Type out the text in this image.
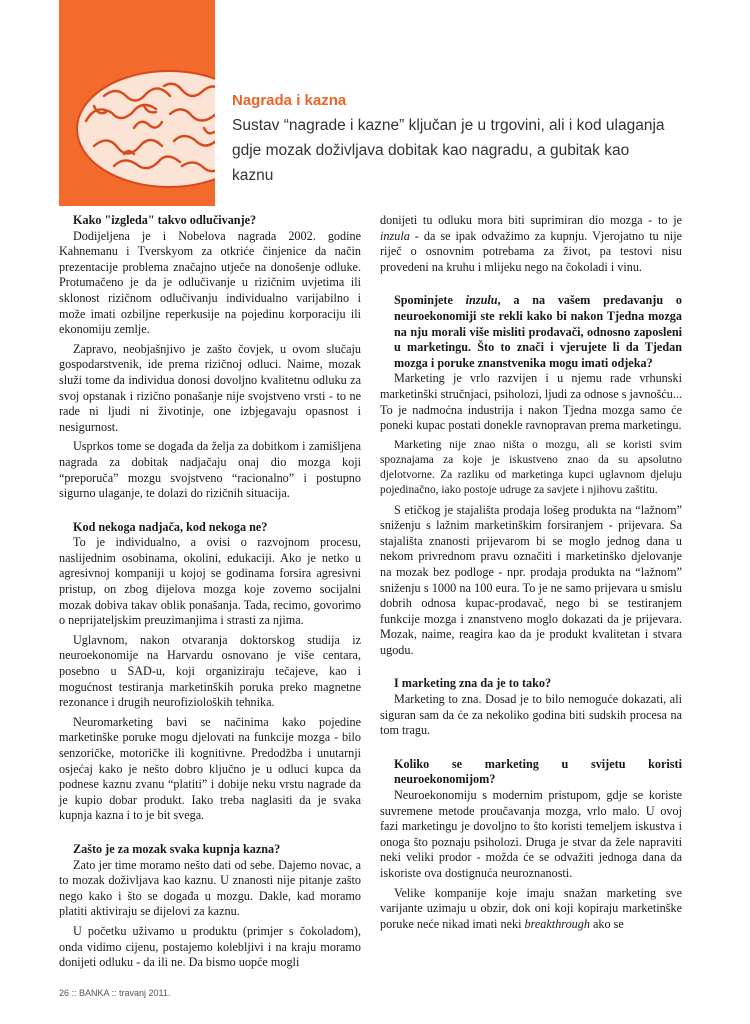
Nagrada i kazna

Sustav “nagrade i kazne” ključan je u trgovini, ali i kod ulaganja gdje mozak doživljava dobitak kao nagradu, a gubitak kao kaznu

Kako "izgleda" takvo odlučivanje?

Dodijeljena je i Nobelova nagrada 2002. godine Kahnemanu i Tverskyom za otkriće činjenice da način prezentacije problema značajno utječe na donošenje odluke. Protumačeno je da je odlučivanje u rizičnim uvjetima ili sklonost rizičnom odlučivanju individualno varijabilno i može imati ozbiljne reperkusije na pojedinu korporaciju ili ekonomiju zemlje.

Zapravo, neobjašnjivo je zašto čovjek, u ovom slučaju gospodarstvenik, ide prema rizičnoj odluci. Naime, mozak služi tome da individua donosi dovoljno kvalitetnu odluku za svoj opstanak i rizično ponašanje nije svojstveno vrsti - to ne rade ni ljudi ni životinje, one izbjegavaju opasnost i nesigurnost.

Usprkos tome se događa da želja za dobitkom i zamišljena nagrada za dobitak nadjačaju onaj dio mozga koji “preporuča” mozgu svojstveno “racionalno” i postupno sigurno ulaganje, te dolazi do rizičnih situacija.

Kod nekoga nadjača, kod nekoga ne?

To je individualno, a ovisi o razvojnom procesu, naslijednim osobinama, okolini, edukaciji. Ako je netko u agresivnoj kompaniji u kojoj se godinama forsira agresivni pristup, on zbog dijelova mozga koje zovemo socijalni mozak dobiva takav oblik ponašanja. Tada, recimo, govorimo o neprijateljskim preuzimanjima i strasti za njima.

Uglavnom, nakon otvaranja doktorskog studija iz neuroekonomije na Harvardu osnovano je više centara, posebno u SAD-u, koji organiziraju tečajeve, kao i mogućnost testiranja marketinških poruka preko magnetne rezonance i drugih neurofizioloških tehnika.

Neuromarketing bavi se načinima kako pojedine marketinške poruke mogu djelovati na funkcije mozga - bilo senzoričke, motoričke ili kognitivne. Predodžba i unutarnji osjećaj kako je nešto dobro ključno je u odluci kupca da podnese kaznu zvanu “platiti” i dobije neku vrstu nagrade da je kupio dobar produkt. Iako treba naglasiti da je svaka kupnja kazna i to je bit svega.

Zašto je za mozak svaka kupnja kazna?

Zato jer time moramo nešto dati od sebe. Dajemo novac, a to mozak doživljava kao kaznu. U znanosti nije pitanje zašto nego kako i što se događa u mozgu. Dakle, kad moramo platiti aktiviraju se dijelovi za kaznu.

U početku uživamo u produktu (primjer s čokoladom), onda vidimo cijenu, postajemo kolebljivi i na kraju moramo donijeti odluku - da ili ne. Da bismo uopće mogli

donijeti tu odluku mora biti suprimiran dio mozga - to je inzula - da se ipak odvažimo za kupnju. Vjerojatno tu nije riječ o osnovnim potrebama za život, pa testovi nisu provedeni na kruhu i mlijeku nego na čokoladi i vinu.

Spominjete inzulu, a na vašem predavanju o neuroekonomiji ste rekli kako bi nakon Tjedna mozga na nju morali više misliti prodavači, odnosno zaposleni u marketingu. Što to znači i vjerujete li da Tjedan mozga i poruke znanstvenika mogu imati odjeka?

Marketing je vrlo razvijen i u njemu rade vrhunski marketinški stručnjaci, psiholozi, ljudi za odnose s javnošću... To je nadmoćna industrija i nakon Tjedna mozga samo će poneki kupac postati donekle ravnopravan prema marketingu.

Marketing nije znao ništa o mozgu, ali se koristi svim spoznajama za koje je iskustveno znao da su apsolutno djelotvorne. Za razliku od marketinga kupci uglavnom djeluju pojedinačno, iako postoje udruge za savjete i njihovu zaštitu.

S etičkog je stajališta prodaja lošeg produkta na “lažnom” sniženju s lažnim marketinškim forsiranjem - prijevara. Sa stajališta znanosti prijevarom bi se moglo jednog dana u nekom privrednom pravu označiti i marketinško djelovanje na mozak bez podloge - npr. prodaja produkta na “lažnom” sniženju s 1000 na 100 eura. To je ne samo prijevara u smislu dobrih odnosa kupac-prodavač, nego bi se testiranjem funkcije mozga i znanstveno moglo dokazati da je prijevara. Mozak, naime, reagira kao da je produkt kvalitetan i stvara ugodu.

I marketing zna da je to tako?

Marketing to zna. Dosad je to bilo nemoguće dokazati, ali siguran sam da će za nekoliko godina biti sudskih procesa na tom tragu.

Koliko se marketing u svijetu koristi neuroekonomijom?

Neuroekonomiju s modernim pristupom, gdje se koriste suvremene metode proučavanja mozga, vrlo malo. U ovoj fazi marketingu je dovoljno to što koristi temeljem iskustva i onoga što poznaju psiholozi. Druga je stvar da žele napraviti neki veliki prodor - možda će se odvažiti jednoga dana da iskoriste ova dostignuća neuroznanosti.

Velike kompanije koje imaju snažan marketing sve varijante uzimaju u obzir, dok oni koji kopiraju marketinške poruke neće nikad imati neki breakthrough ako se

26 :: BANKA :: travanj 2011.
